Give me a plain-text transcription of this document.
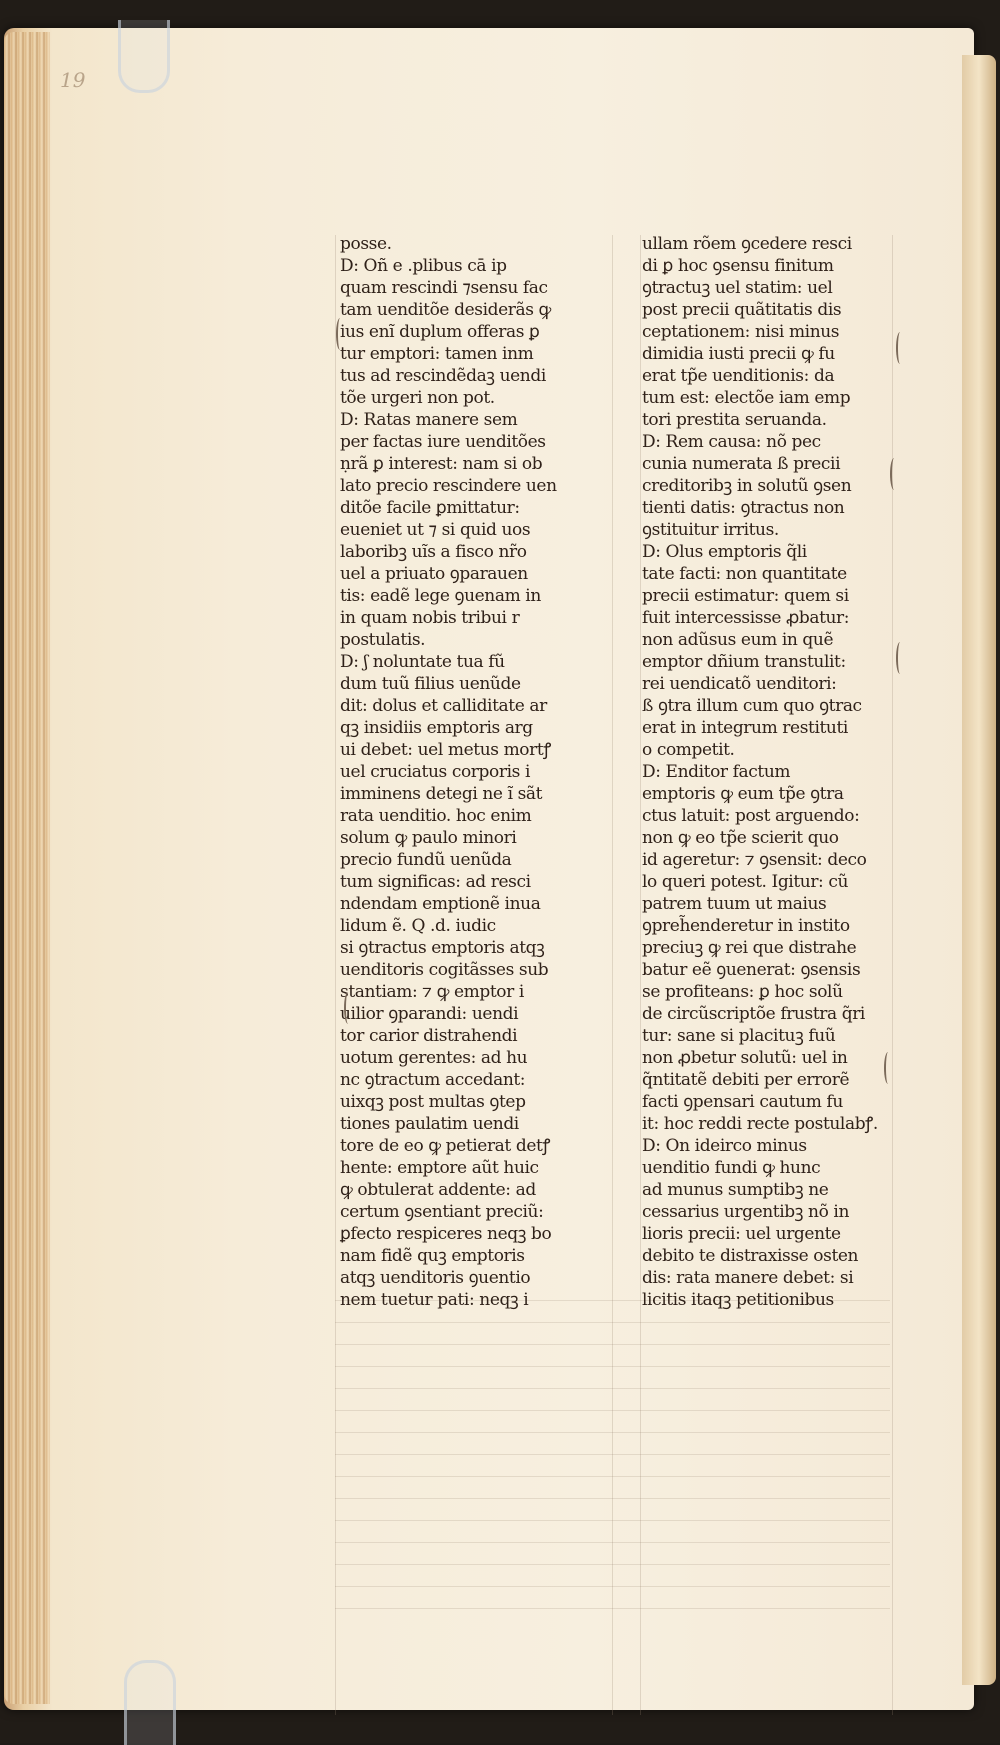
19
posse.
D: Oñ e .plibus cā ip
quam rescindi ⁊sensu fac
tam uenditõe desiderãs ꝙ
ius enĩ duplum offeras ꝑ
tur emptori: tamen inm
tus ad rescindẽdaꝫ uendi
tõe urgeri non pot.
D: Ratas manere sem
per factas iure uenditões
ṇrã ꝑ interest: nam si ob
lato precio rescindere uen
ditõe facile ꝑmittatur:
eueniet ut ⁊ si quid uos
laboribꝫ uĩs a fisco nr̃o
uel a priuato ꝯparauen
tis: eadẽ lege ꝯuenam in
in quam nobis tribui r
postulatis.
D: ʃ noluntate tua fũ
dum tuũ filius uenũde
dit: dolus et calliditate ar
qꝫ insidiis emptoris arg
ui debet: uel metus mortꝭ
uel cruciatus corporis i
imminens detegi ne ĩ sãt
rata uenditio. hoc enim
solum ꝙ paulo minori
precio fundũ uenũda
tum significas: ad resci
ndendam emptionẽ inua
lidum ẽ. Q .d. iudic
si ꝯtractus emptoris atqꝫ
uenditoris cogitãsses sub
stantiam: ⁊ ꝙ emptor i
uilior ꝯparandi: uendi
tor carior distrahendi
uotum gerentes: ad hu
nc ꝯtractum accedant:
uixqꝫ post multas ꝯtep
tiones paulatim uendi
tore de eo ꝙ petierat detꝭ
hente: emptore aũt huic
ꝙ obtulerat addente: ad
certum ꝯsentiant preciũ:
ꝑfecto respiceres neqꝫ bo
nam fidẽ quꝫ emptoris
atqꝫ uenditoris ꝯuentio
nem tuetur pati: neqꝫ i
ullam rõem ꝯcedere resci
di ꝑ hoc ꝯsensu finitum
ꝯtractuꝫ uel statim: uel
post precii quãtitatis dis
ceptationem: nisi minus
dimidia iusti precii ꝙ fu
erat tp̃e uenditionis: da
tum est: electõe iam emp
tori prestita seruanda.
D: Rem causa: nõ pec
cunia numerata ß precii
creditoribꝫ in solutũ ꝯsen
tienti datis: ꝯtractus non
ꝯstituitur irritus.
D: Olus emptoris q̃li
tate facti: non quantitate
precii estimatur: quem si
fuit intercessisse ꝓbatur:
non adũsus eum in quẽ
emptor dñium transtulit:
rei uendicatõ uenditori:
ß ꝯtra illum cum quo ꝯtrac
erat in integrum restituti
o competit.
D: Enditor factum
emptoris ꝙ eum tp̃e ꝯtra
ctus latuit: post arguendo:
non ꝙ eo tp̃e scierit quo
id ageretur: ⁊ ꝯsensit: deco
lo queri potest. Igitur: cũ
patrem tuum ut maius
ꝯpreh̃enderetur in instito
preciuꝫ ꝙ rei que distrahe
batur eẽ ꝯuenerat: ꝯsensis
se profiteans: ꝑ hoc solũ
de circũscriptõe frustra q̃ri
tur: sane si placituꝫ fuũ
non ꝓbetur solutũ: uel in
q̃ntitatẽ debiti per errorẽ
facti ꝯpensari cautum fu
it: hoc reddi recte postulabꝭ.
D: On ideirco minus
uenditio fundi ꝙ hunc
ad munus sumptibꝫ ne
cessarius urgentibꝫ nõ in
lioris precii: uel urgente
debito te distraxisse osten
dis: rata manere debet: si
licitis itaqꝫ petitionibus
